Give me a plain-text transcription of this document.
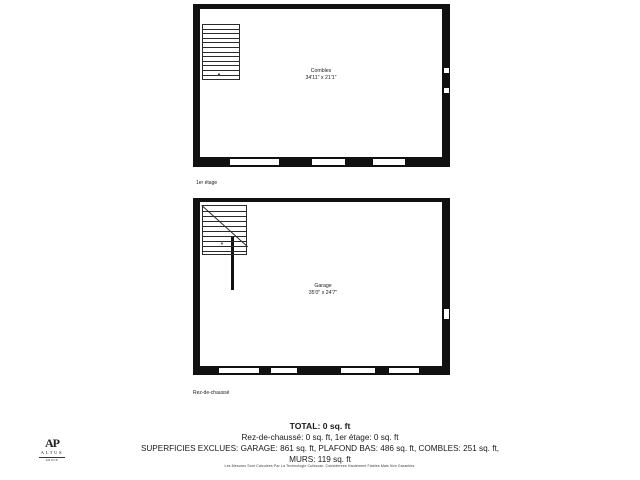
▲	Combles
34'11" x 21'1"
1er étage
▼
Garage
35'0" x 24'7"
Rez-de-chaussé
TOTAL: 0 sq. ft
Rez-de-chaussé: 0 sq. ft, 1er étage: 0 sq. ft
SUPERFICIES EXCLUES: GARAGE: 861 sq. ft, PLAFOND BAS: 486 sq. ft, COMBLES: 251 sq. ft,
MURS: 119 sq. ft
Les Mesures Sont Calculees Par La Technologie Cubiscan. Considerees Hautement Fiables Mais Non Garanties.
AP
ALTUS
GROUP
